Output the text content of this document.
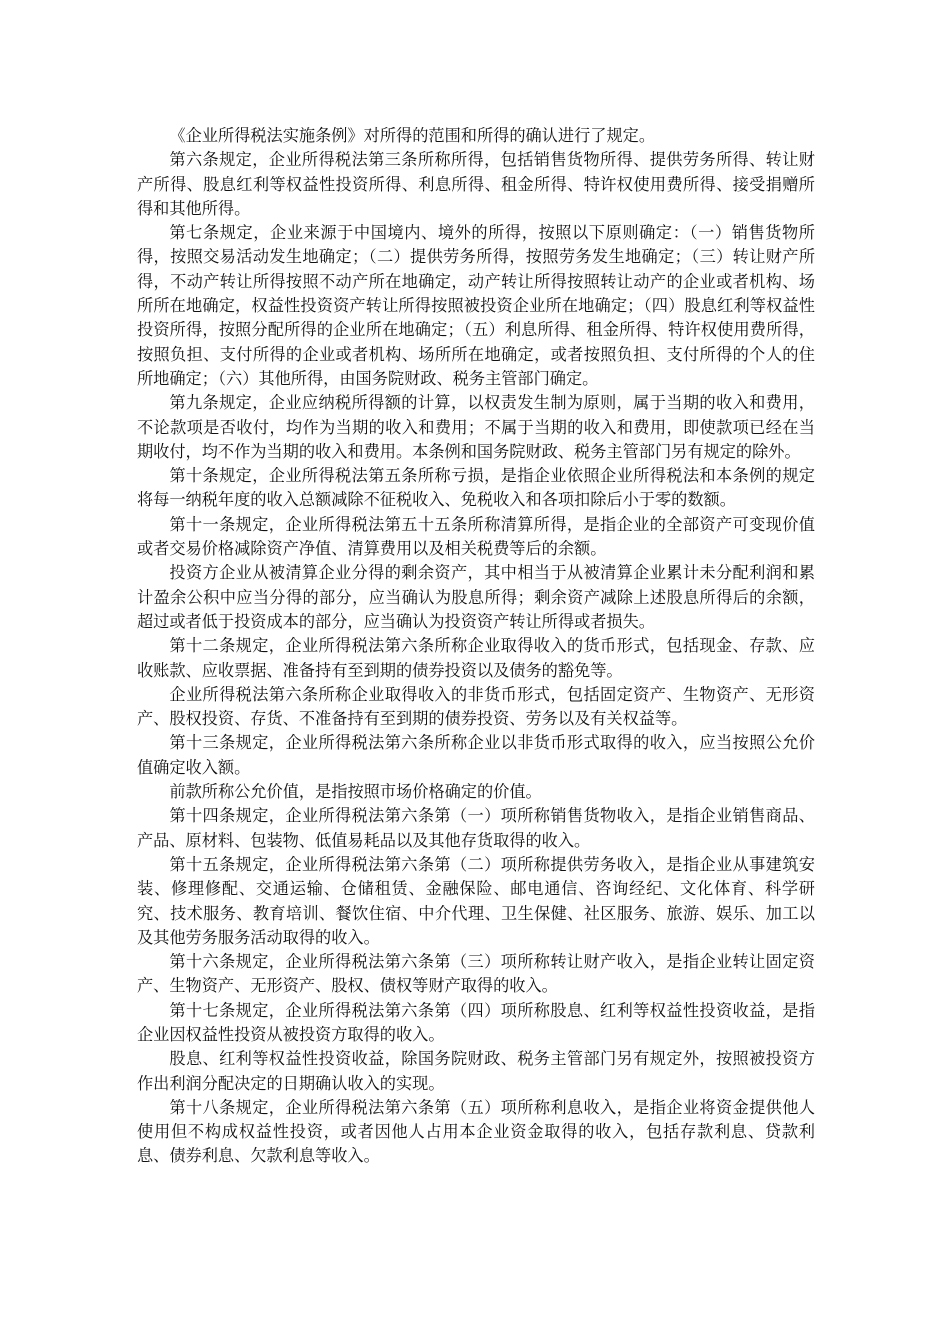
《企业所得税法实施条例》对所得的范围和所得的确认进行了规定。

第六条规定，企业所得税法第三条所称所得，包括销售货物所得、提供劳务所得、转让财产所得、股息红利等权益性投资所得、利息所得、租金所得、特许权使用费所得、接受捐赠所得和其他所得。

第七条规定，企业来源于中国境内、境外的所得，按照以下原则确定：（一）销售货物所得，按照交易活动发生地确定；（二）提供劳务所得，按照劳务发生地确定；（三）转让财产所得，不动产转让所得按照不动产所在地确定，动产转让所得按照转让动产的企业或者机构、场所所在地确定，权益性投资资产转让所得按照被投资企业所在地确定；（四）股息红利等权益性投资所得，按照分配所得的企业所在地确定；（五）利息所得、租金所得、特许权使用费所得，按照负担、支付所得的企业或者机构、场所所在地确定，或者按照负担、支付所得的个人的住所地确定；（六）其他所得，由国务院财政、税务主管部门确定。

第九条规定，企业应纳税所得额的计算，以权责发生制为原则，属于当期的收入和费用，不论款项是否收付，均作为当期的收入和费用；不属于当期的收入和费用，即使款项已经在当期收付，均不作为当期的收入和费用。本条例和国务院财政、税务主管部门另有规定的除外。

第十条规定，企业所得税法第五条所称亏损，是指企业依照企业所得税法和本条例的规定将每一纳税年度的收入总额减除不征税收入、免税收入和各项扣除后小于零的数额。

第十一条规定，企业所得税法第五十五条所称清算所得，是指企业的全部资产可变现价值或者交易价格减除资产净值、清算费用以及相关税费等后的余额。

投资方企业从被清算企业分得的剩余资产，其中相当于从被清算企业累计未分配利润和累计盈余公积中应当分得的部分，应当确认为股息所得；剩余资产减除上述股息所得后的余额，超过或者低于投资成本的部分，应当确认为投资资产转让所得或者损失。

第十二条规定，企业所得税法第六条所称企业取得收入的货币形式，包括现金、存款、应收账款、应收票据、准备持有至到期的债券投资以及债务的豁免等。

企业所得税法第六条所称企业取得收入的非货币形式，包括固定资产、生物资产、无形资产、股权投资、存货、不准备持有至到期的债券投资、劳务以及有关权益等。

第十三条规定，企业所得税法第六条所称企业以非货币形式取得的收入，应当按照公允价值确定收入额。

前款所称公允价值，是指按照市场价格确定的价值。

第十四条规定，企业所得税法第六条第（一）项所称销售货物收入，是指企业销售商品、产品、原材料、包装物、低值易耗品以及其他存货取得的收入。

第十五条规定，企业所得税法第六条第（二）项所称提供劳务收入，是指企业从事建筑安装、修理修配、交通运输、仓储租赁、金融保险、邮电通信、咨询经纪、文化体育、科学研究、技术服务、教育培训、餐饮住宿、中介代理、卫生保健、社区服务、旅游、娱乐、加工以及其他劳务服务活动取得的收入。

第十六条规定，企业所得税法第六条第（三）项所称转让财产收入，是指企业转让固定资产、生物资产、无形资产、股权、债权等财产取得的收入。

第十七条规定，企业所得税法第六条第（四）项所称股息、红利等权益性投资收益，是指企业因权益性投资从被投资方取得的收入。

股息、红利等权益性投资收益，除国务院财政、税务主管部门另有规定外，按照被投资方作出利润分配决定的日期确认收入的实现。

第十八条规定，企业所得税法第六条第（五）项所称利息收入，是指企业将资金提供他人使用但不构成权益性投资，或者因他人占用本企业资金取得的收入，包括存款利息、贷款利息、债券利息、欠款利息等收入。
